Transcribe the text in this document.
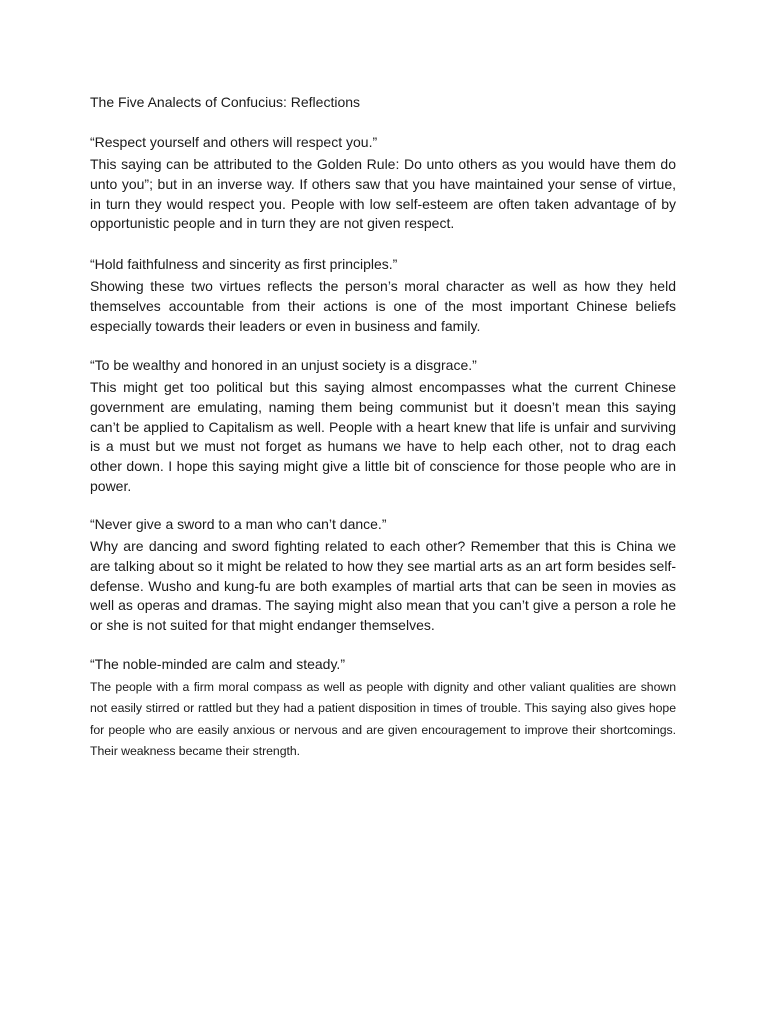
The Five Analects of Confucius: Reflections

“Respect yourself and others will respect you.”

This saying can be attributed to the Golden Rule: Do unto others as you would have them do unto you”; but in an inverse way. If others saw that you have maintained your sense of virtue, in turn they would respect you. People with low self-esteem are often taken advantage of by opportunistic people and in turn they are not given respect.

“Hold faithfulness and sincerity as first principles.”

Showing these two virtues reflects the person’s moral character as well as how they held themselves accountable from their actions is one of the most important Chinese beliefs especially towards their leaders or even in business and family.

“To be wealthy and honored in an unjust society is a disgrace.”

This might get too political but this saying almost encompasses what the current Chinese government are emulating, naming them being communist but it doesn’t mean this saying can’t be applied to Capitalism as well. People with a heart knew that life is unfair and surviving is a must but we must not forget as humans we have to help each other, not to drag each other down. I hope this saying might give a little bit of conscience for those people who are in power.

“Never give a sword to a man who can’t dance.”

Why are dancing and sword fighting related to each other? Remember that this is China we are talking about so it might be related to how they see martial arts as an art form besides self-defense. Wusho and kung-fu are both examples of martial arts that can be seen in movies as well as operas and dramas. The saying might also mean that you can’t give a person a role he or she is not suited for that might endanger themselves.

“The noble-minded are calm and steady.”

The people with a firm moral compass as well as people with dignity and other valiant qualities are shown not easily stirred or rattled but they had a patient disposition in times of trouble. This saying also gives hope for people who are easily anxious or nervous and are given encouragement to improve their shortcomings. Their weakness became their strength.
